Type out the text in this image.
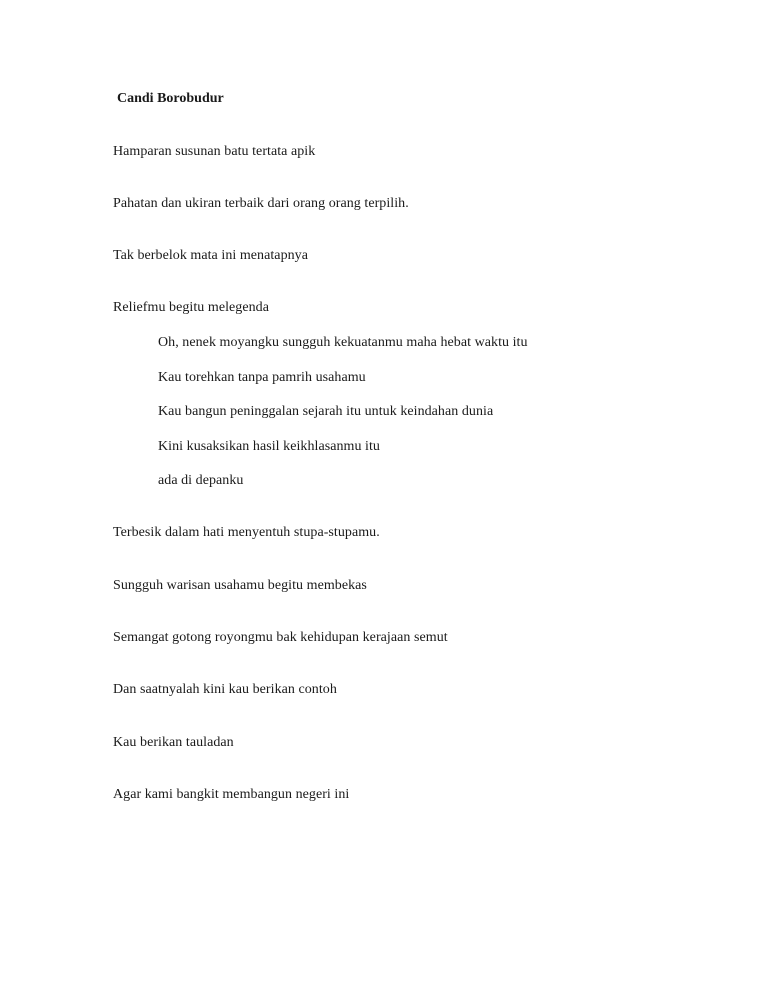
Candi Borobudur
Hamparan susunan batu tertata apik
Pahatan dan ukiran terbaik dari orang orang terpilih.
Tak berbelok mata ini menatapnya
Reliefmu begitu melegenda
Oh, nenek moyangku sungguh kekuatanmu maha hebat waktu itu
Kau torehkan tanpa pamrih usahamu
Kau bangun peninggalan sejarah itu untuk keindahan dunia
Kini kusaksikan hasil keikhlasanmu itu
ada di depanku
Terbesik dalam hati menyentuh stupa-stupamu.
Sungguh warisan usahamu begitu membekas
Semangat gotong royongmu bak kehidupan kerajaan semut
Dan saatnyalah kini kau berikan contoh
Kau berikan tauladan
Agar kami bangkit membangun negeri ini
